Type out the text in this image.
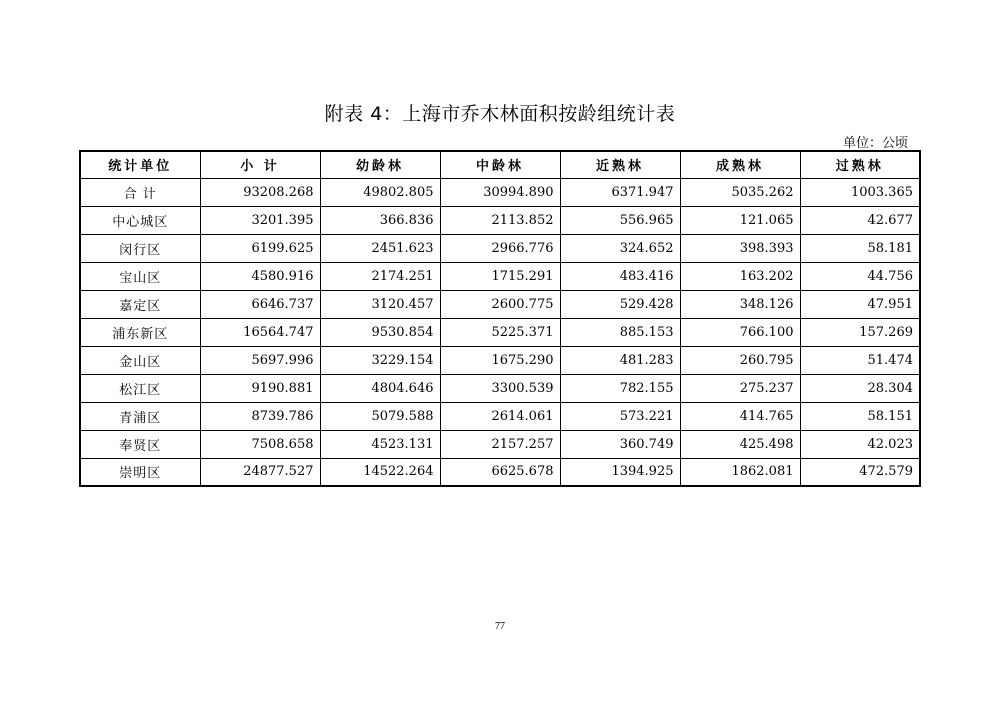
附表 4：上海市乔木林面积按龄组统计表
单位：公顷
统计单位	小 计	幼龄林	中龄林	近熟林	成熟林	过熟林
合 计	93208.268	49802.805	30994.890	6371.947	5035.262	1003.365
中心城区	3201.395	366.836	2113.852	556.965	121.065	42.677
闵行区	6199.625	2451.623	2966.776	324.652	398.393	58.181
宝山区	4580.916	2174.251	1715.291	483.416	163.202	44.756
嘉定区	6646.737	3120.457	2600.775	529.428	348.126	47.951
浦东新区	16564.747	9530.854	5225.371	885.153	766.100	157.269
金山区	5697.996	3229.154	1675.290	481.283	260.795	51.474
松江区	9190.881	4804.646	3300.539	782.155	275.237	28.304
青浦区	8739.786	5079.588	2614.061	573.221	414.765	58.151
奉贤区	7508.658	4523.131	2157.257	360.749	425.498	42.023
崇明区	24877.527	14522.264	6625.678	1394.925	1862.081	472.579
77
